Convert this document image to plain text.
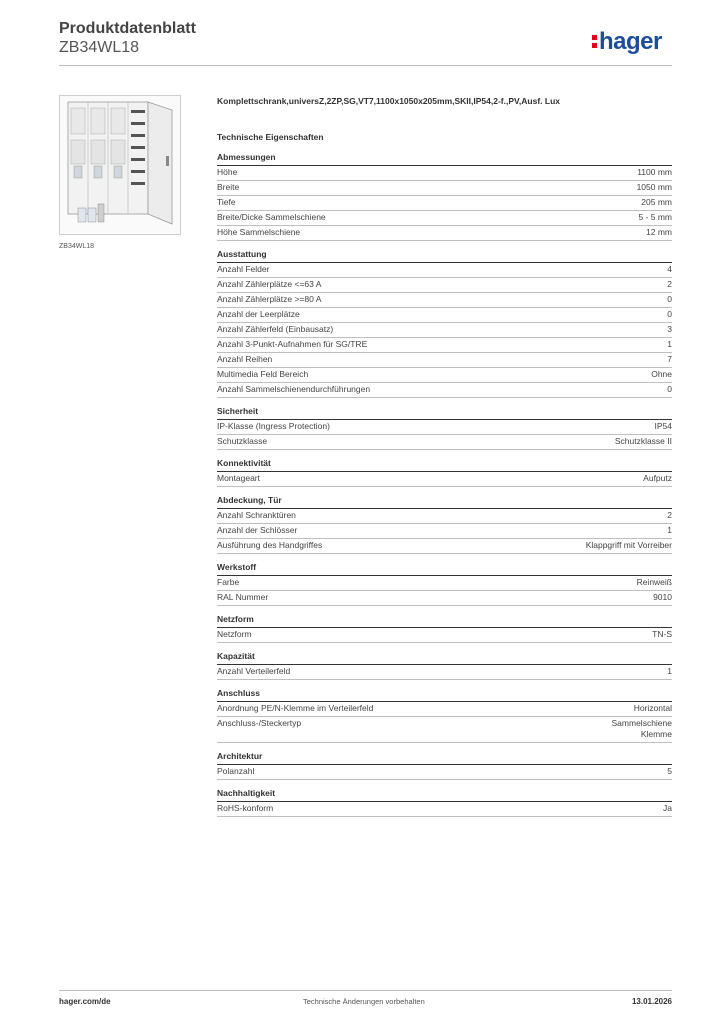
Produktdatenblatt
ZB34WL18	hager
ZB34WL18
Komplettschrank,universZ,2ZP,SG,VT7,1100x1050x205mm,SKII,IP54,2-f.,PV,Ausf. Lux
Technische Eigenschaften
Abmessungen
Höhe	1100 mm
Breite	1050 mm
Tiefe	205 mm
Breite/Dicke Sammelschiene	5 - 5 mm
Höhe Sammelschiene	12 mm
Ausstattung
Anzahl Felder	4
Anzahl Zählerplätze <=63 A	2
Anzahl Zählerplätze >=80 A	0
Anzahl der Leerplätze	0
Anzahl Zählerfeld (Einbausatz)	3
Anzahl 3-Punkt-Aufnahmen für SG/TRE	1
Anzahl Reihen	7
Multimedia Feld Bereich	Ohne
Anzahl Sammelschienendurchführungen	0
Sicherheit
IP-Klasse (Ingress Protection)	IP54
Schutzklasse	Schutzklasse II
Konnektivität
Montageart	Aufputz
Abdeckung, Tür
Anzahl Schranktüren	2
Anzahl der Schlösser	1
Ausführung des Handgriffes	Klappgriff mit Vorreiber
Werkstoff
Farbe	Reinweiß
RAL Nummer	9010
Netzform
Netzform	TN-S
Kapazität
Anzahl Verteilerfeld	1
Anschluss
Anordnung PE/N-Klemme im Verteilerfeld	Horizontal
Anschluss-/Steckertyp	Sammelschiene
Klemme
Architektur
Polanzahl	5
Nachhaltigkeit
RoHS-konform	Ja
hager.com/de	Technische Änderungen vorbehalten	13.01.2026
